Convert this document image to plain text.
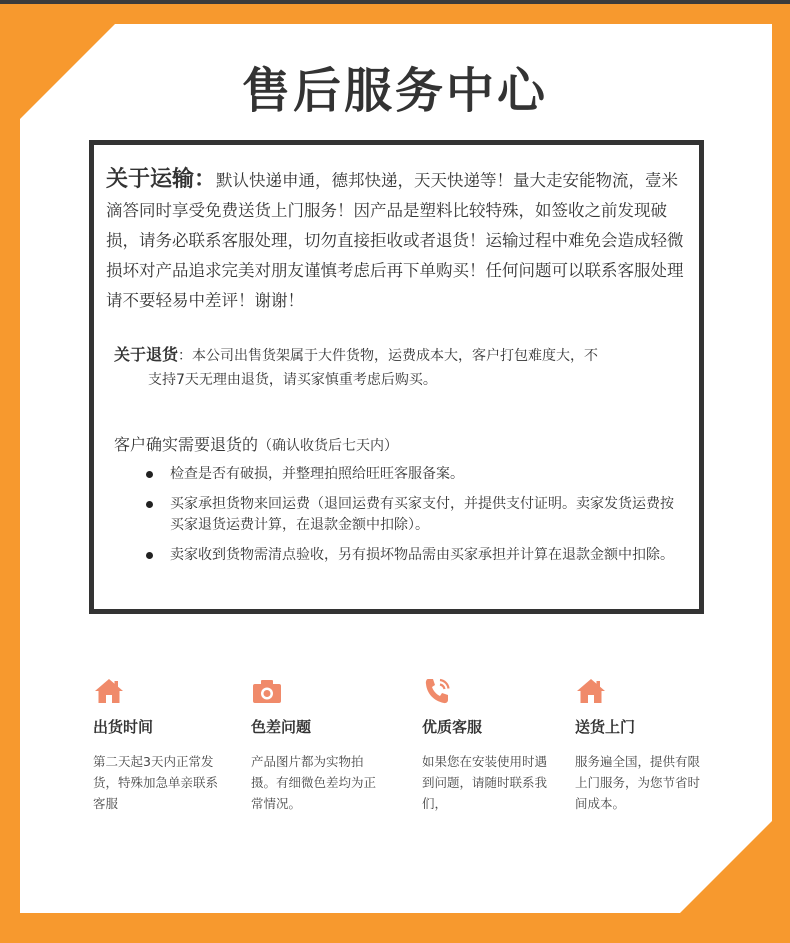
售后服务中心
关于运输：默认快递申通，德邦快递，天天快递等！量大走安能物流，壹米滴答同时享受免费送货上门服务！因产品是塑料比较特殊，如签收之前发现破损，请务必联系客服处理，切勿直接拒收或者退货！运输过程中难免会造成轻微损坏对产品追求完美对朋友谨慎考虑后再下单购买！任何问题可以联系客服处理请不要轻易中差评！谢谢！
关于退货：本公司出售货架属于大件货物，运费成本大，客户打包难度大，不
支持7天无理由退货，请买家慎重考虑后购买。
客户确实需要退货的（确认收货后七天内）
检查是否有破损，并整理拍照给旺旺客服备案。
买家承担货物来回运费（退回运费有买家支付，并提供支付证明。卖家发货运费按买家退货运费计算，在退款金额中扣除）。
卖家收到货物需清点验收，另有损坏物品需由买家承担并计算在退款金额中扣除。
出货时间
第二天起3天内正常发货，特殊加急单亲联系客服
色差问题
产品图片都为实物拍摄。有细微色差均为正常情况。
优质客服
如果您在安装使用时遇到问题，请随时联系我们，
送货上门
服务遍全国，提供有限上门服务，为您节省时间成本。
